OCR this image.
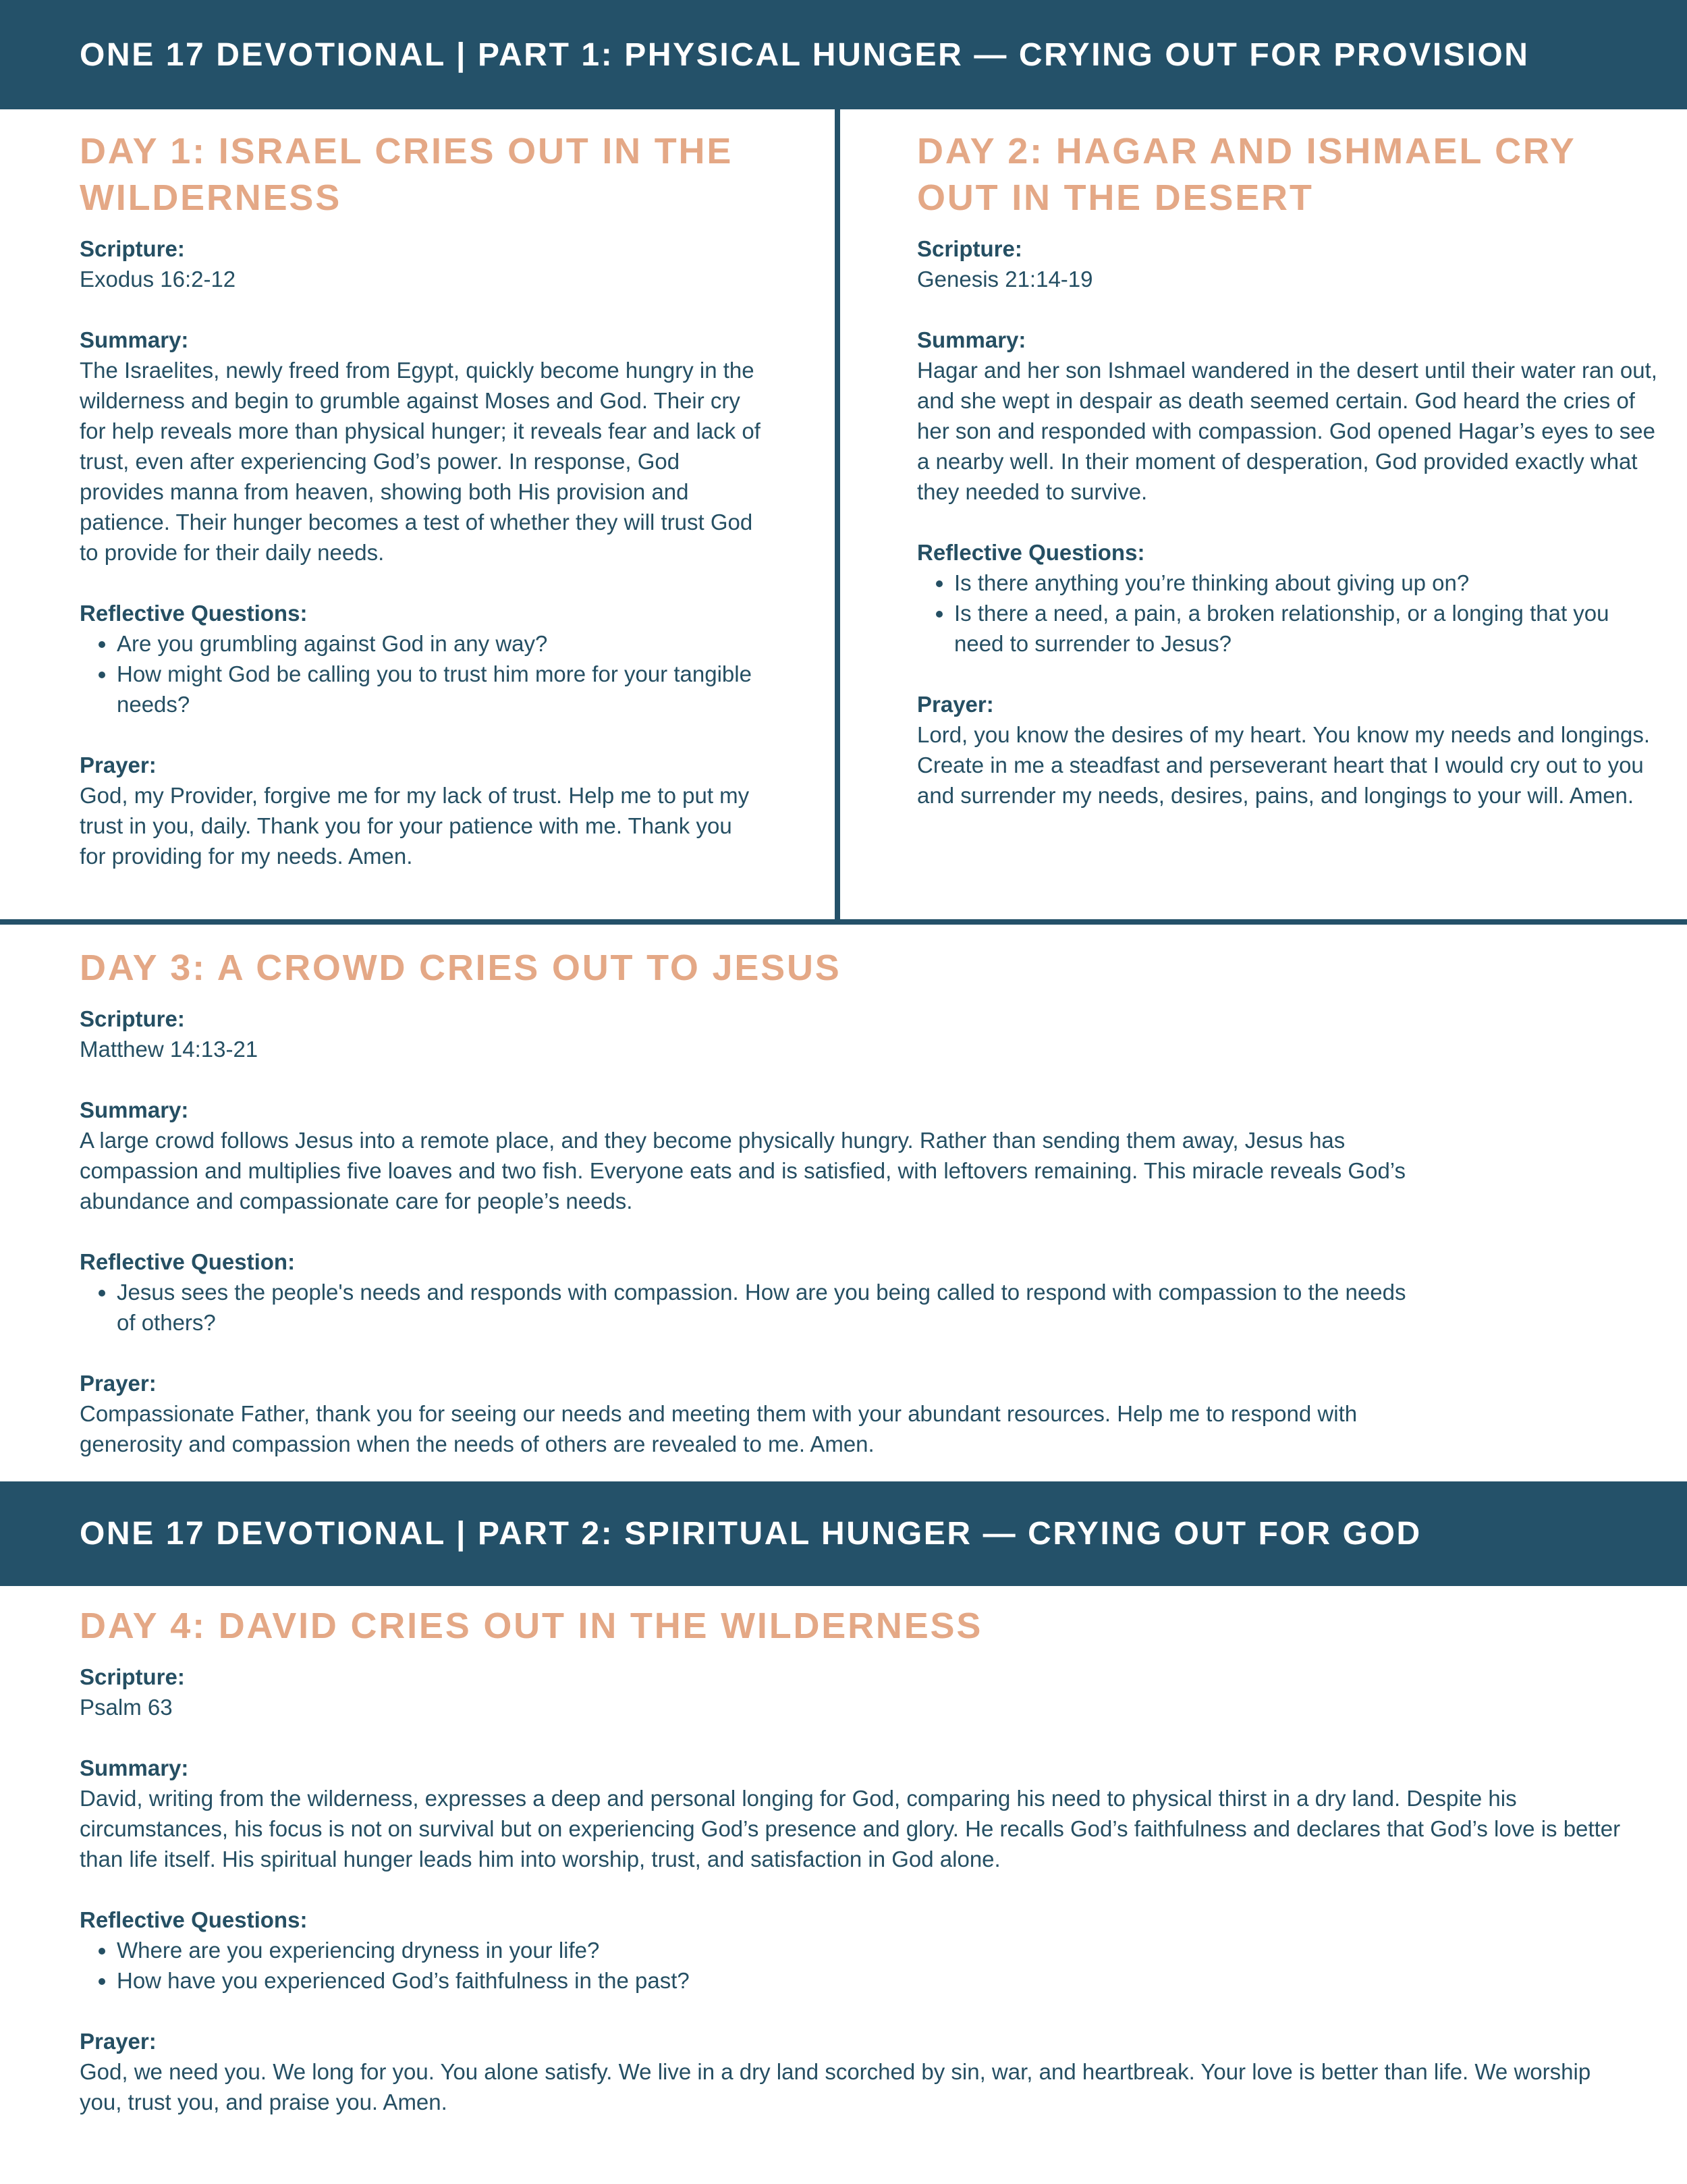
ONE 17 DEVOTIONAL | PART 1: PHYSICAL HUNGER — CRYING OUT FOR PROVISION
DAY 1: ISRAEL CRIES OUT IN THE WILDERNESS

Scripture:

Exodus 16:2-12

Summary:

The Israelites, newly freed from Egypt, quickly become hungry in the wilderness and begin to grumble against Moses and God. Their cry for help reveals more than physical hunger; it reveals fear and lack of trust, even after experiencing God’s power. In response, God provides manna from heaven, showing both His provision and patience. Their hunger becomes a test of whether they will trust God to provide for their daily needs.

Reflective Questions:

• Are you grumbling against God in any way?
• How might God be calling you to trust him more for your tangible needs?

Prayer:

God, my Provider, forgive me for my lack of trust. Help me to put my trust in you, daily. Thank you for your patience with me. Thank you for providing for my needs. Amen.

DAY 2: HAGAR AND ISHMAEL CRY OUT IN THE DESERT

Scripture:

Genesis 21:14-19

Summary:

Hagar and her son Ishmael wandered in the desert until their water ran out, and she wept in despair as death seemed certain. God heard the cries of her son and responded with compassion. God opened Hagar’s eyes to see a nearby well. In their moment of desperation, God provided exactly what they needed to survive.

Reflective Questions:

• Is there anything you’re thinking about giving up on?
• Is there a need, a pain, a broken relationship, or a longing that you need to surrender to Jesus?

Prayer:

Lord, you know the desires of my heart. You know my needs and longings. Create in me a steadfast and perseverant heart that I would cry out to you and surrender my needs, desires, pains, and longings to your will. Amen.

DAY 3: A CROWD CRIES OUT TO JESUS

Scripture:

Matthew 14:13-21

Summary:

A large crowd follows Jesus into a remote place, and they become physically hungry. Rather than sending them away, Jesus has compassion and multiplies five loaves and two fish. Everyone eats and is satisfied, with leftovers remaining. This miracle reveals God’s abundance and compassionate care for people’s needs.

Reflective Question:

• Jesus sees the people's needs and responds with compassion. How are you being called to respond with compassion to the needs of others?

Prayer:

Compassionate Father, thank you for seeing our needs and meeting them with your abundant resources. Help me to respond with generosity and compassion when the needs of others are revealed to me. Amen.

ONE 17 DEVOTIONAL | PART 2: SPIRITUAL HUNGER — CRYING OUT FOR GOD
DAY 4: DAVID CRIES OUT IN THE WILDERNESS

Scripture:

Psalm 63

Summary:

David, writing from the wilderness, expresses a deep and personal longing for God, comparing his need to physical thirst in a dry land. Despite his circumstances, his focus is not on survival but on experiencing God’s presence and glory. He recalls God’s faithfulness and declares that God’s love is better than life itself. His spiritual hunger leads him into worship, trust, and satisfaction in God alone.

Reflective Questions:

• Where are you experiencing dryness in your life?
• How have you experienced God’s faithfulness in the past?

Prayer:

God, we need you. We long for you. You alone satisfy. We live in a dry land scorched by sin, war, and heartbreak. Your love is better than life. We worship you, trust you, and praise you. Amen.
